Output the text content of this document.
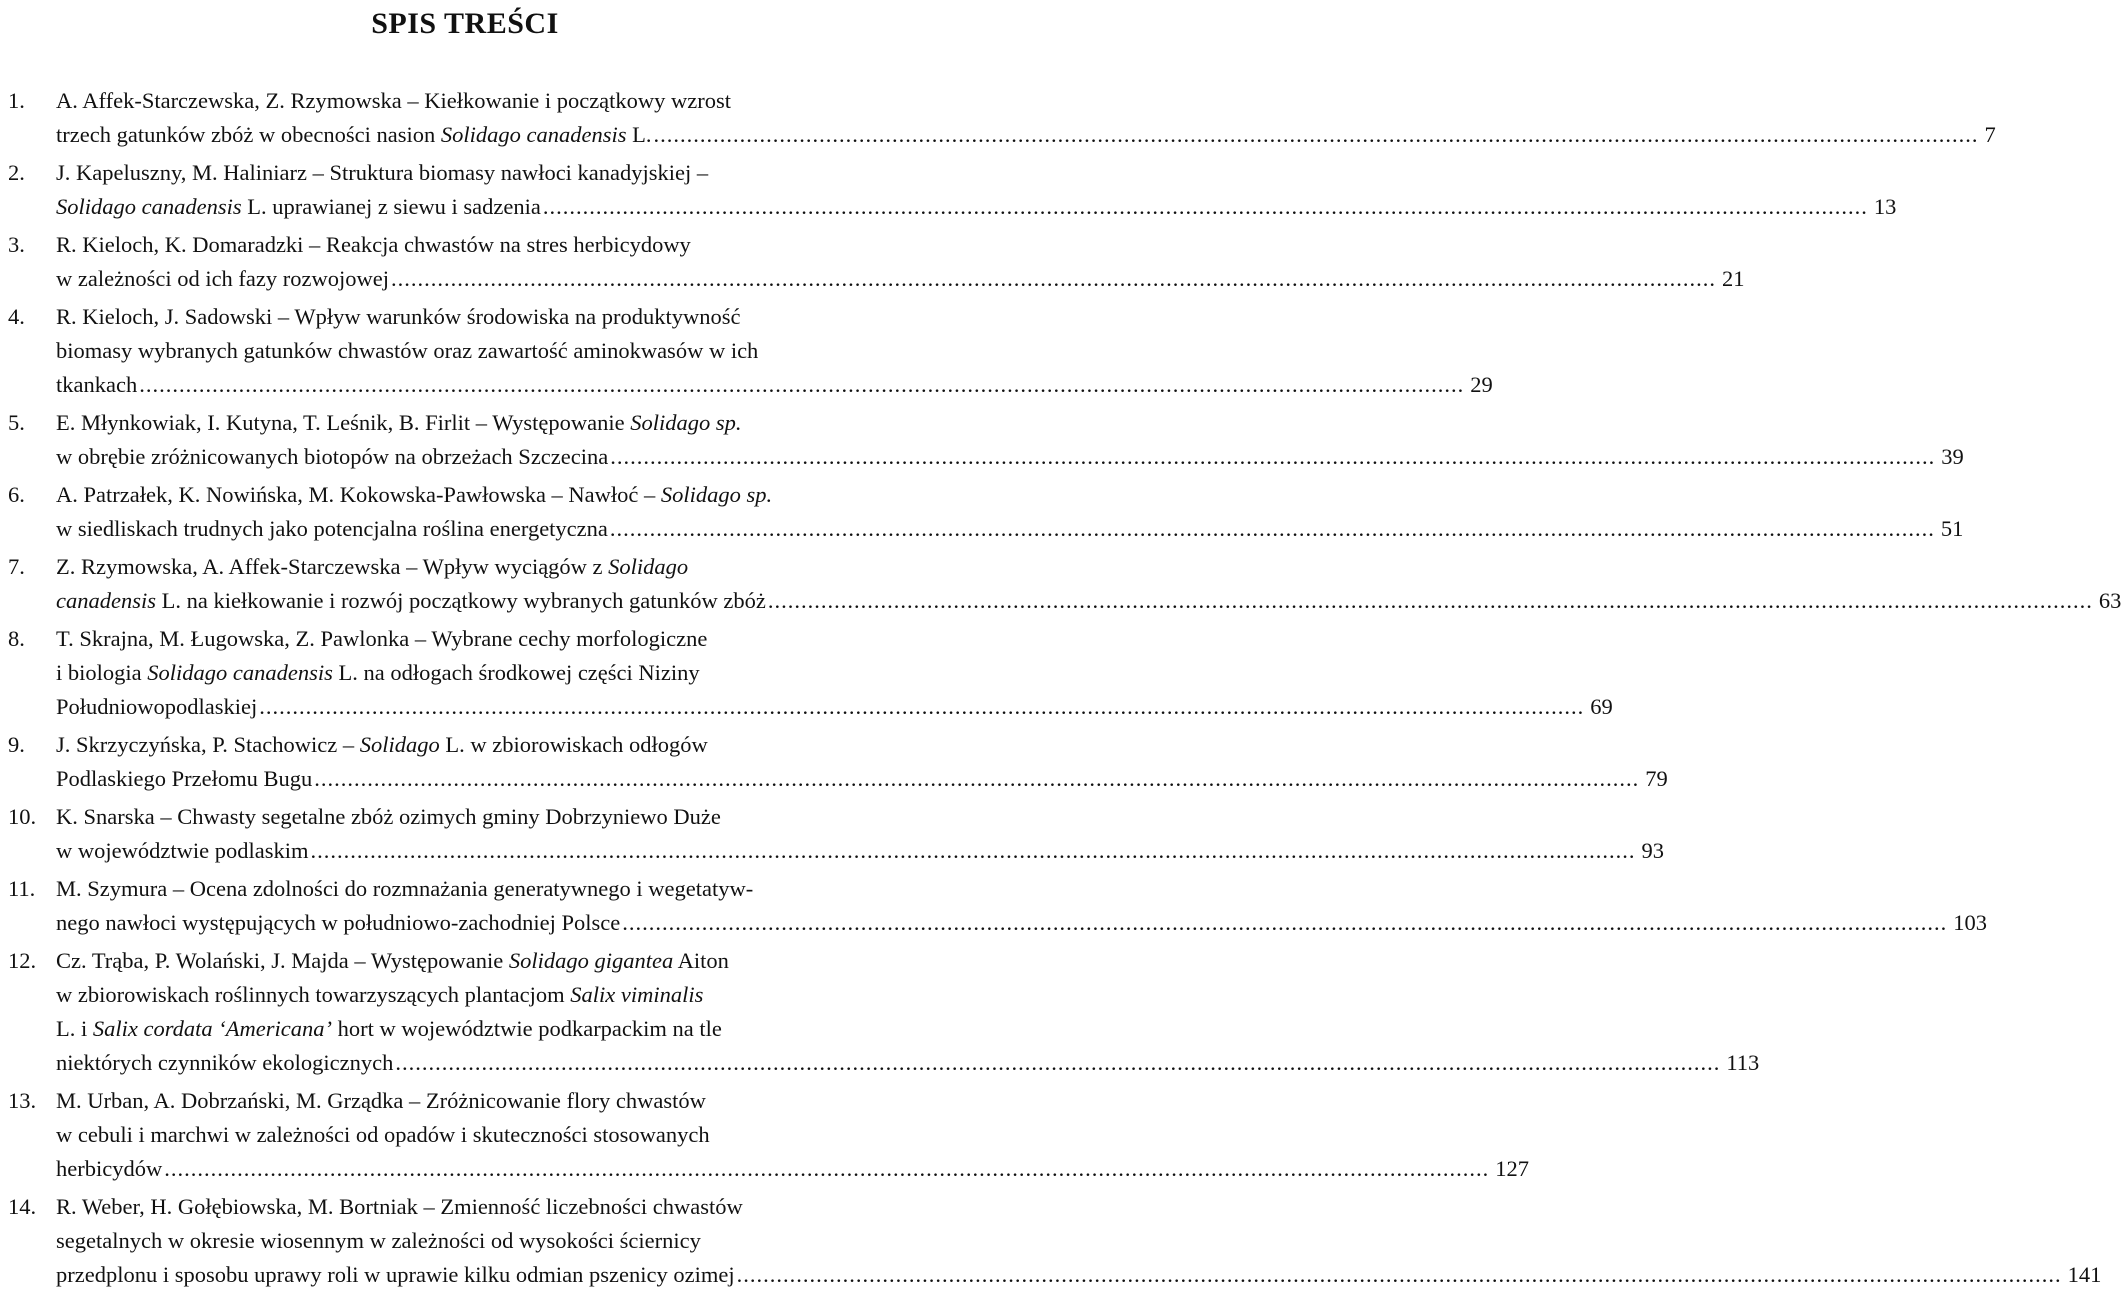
SPIS TREŚCI
1.	A. Affek-Starczewska, Z. Rzymowska – Kiełkowanie i początkowy wzrost
trzech gatunków zbóż w obecności nasion Solidago canadensis L. .....	7
2.	J. Kapeluszny, M. Haliniarz – Struktura biomasy nawłoci kanadyjskiej –
Solidago canadensis L. uprawianej z siewu i sadzenia .....	13
3.	R. Kieloch, K. Domaradzki – Reakcja chwastów na stres herbicydowy
w zależności od ich fazy rozwojowej .....	21
4.	R. Kieloch, J. Sadowski – Wpływ warunków środowiska na produktywność
biomasy wybranych gatunków chwastów oraz zawartość aminokwasów w ich
tkankach .....	29
5.	E. Młynkowiak, I. Kutyna, T. Leśnik, B. Firlit – Występowanie Solidago sp.
w obrębie zróżnicowanych biotopów na obrzeżach Szczecina .....	39
6.	A. Patrzałek, K. Nowińska, M. Kokowska-Pawłowska – Nawłoć – Solidago sp.
w siedliskach trudnych jako potencjalna roślina energetyczna .....	51
7.	Z. Rzymowska, A. Affek-Starczewska – Wpływ wyciągów z Solidago
canadensis L. na kiełkowanie i rozwój początkowy wybranych gatunków zbóż .....	63
8.	T. Skrajna, M. Ługowska, Z. Pawlonka – Wybrane cechy morfologiczne
i biologia Solidago canadensis L. na odłogach środkowej części Niziny
Południowopodlaskiej .....	69
9.	J. Skrzyczyńska, P. Stachowicz – Solidago L. w zbiorowiskach odłogów
Podlaskiego Przełomu Bugu .....	79
10. K. Snarska – Chwasty segetalne zbóż ozimych gminy Dobrzyniewo Duże
w województwie podlaskim .....	93
11. M. Szymura – Ocena zdolności do rozmnażania generatywnego i wegetatyw-
nego nawłoci występujących w południowo-zachodniej Polsce .....	103
12. Cz. Trąba, P. Wolański, J. Majda – Występowanie Solidago gigantea Aiton
w zbiorowiskach roślinnych towarzyszących plantacjom Salix viminalis
L. i Salix cordata ‘Americana’ hort w województwie podkarpackim na tle
niektórych czynników ekologicznych .....	113
13. M. Urban, A. Dobrzański, M. Grządka – Zróżnicowanie flory chwastów
w cebuli i marchwi w zależności od opadów i skuteczności stosowanych
herbicydów .....	127
14. R. Weber, H. Gołębiowska, M. Bortniak – Zmienność liczebności chwastów
segetalnych w okresie wiosennym w zależności od wysokości ściernicy
przedplonu i sposobu uprawy roli w uprawie kilku odmian pszenicy ozimej .....	141
